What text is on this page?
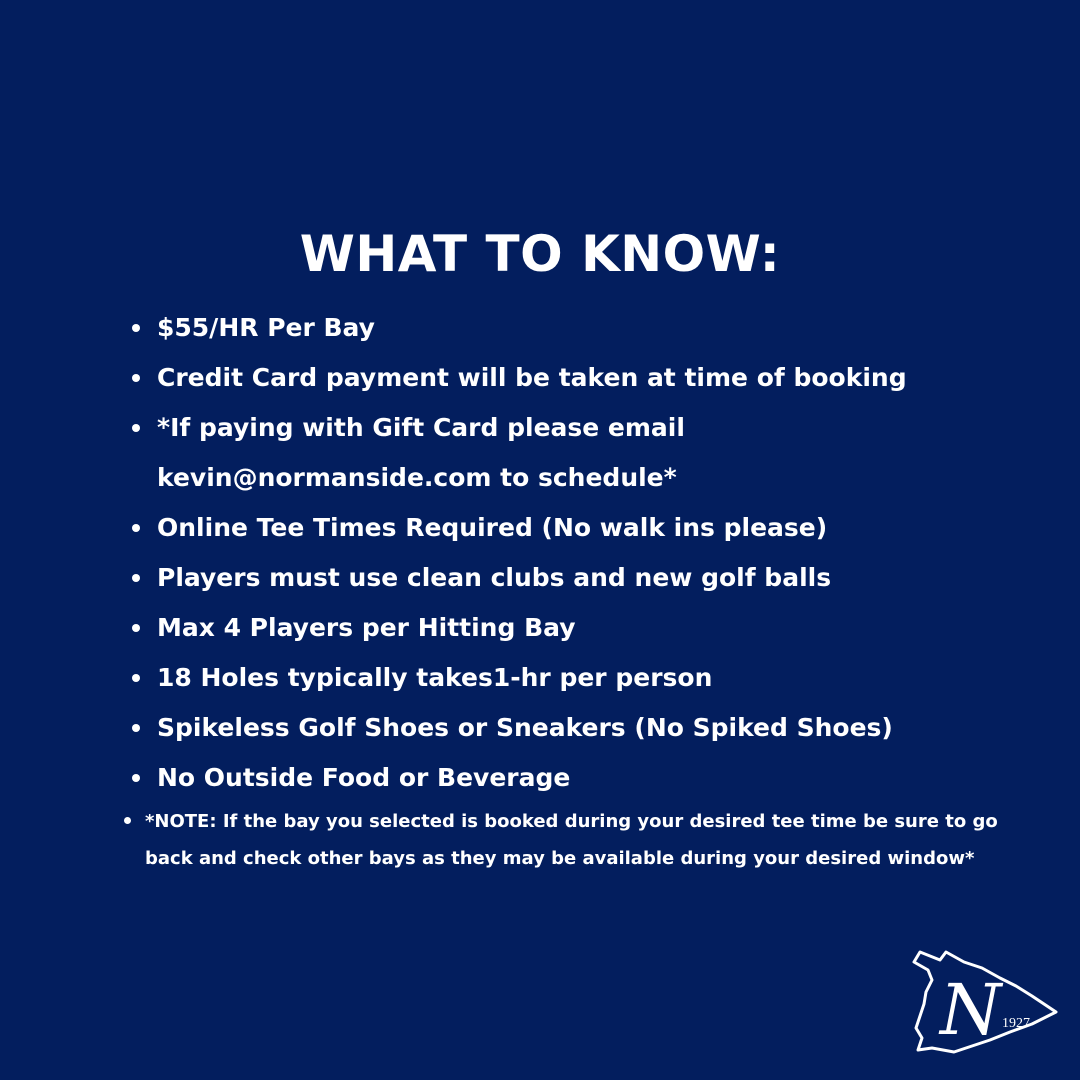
WHAT TO KNOW:
$55/HR Per Bay
Credit Card payment will be taken at time of booking
*If paying with Gift Card please email kevin@normanside.com to schedule*
Online Tee Times Required (No walk ins please)
Players must use clean clubs and new golf balls
Max 4 Players per Hitting Bay
18 Holes typically takes1-hr per person
Spikeless Golf Shoes or Sneakers (No Spiked Shoes)
No Outside Food or Beverage
*NOTE: If the bay you selected is booked during your desired tee time be sure to go
back and check other bays as they may be available during your desired window*
N 1927
